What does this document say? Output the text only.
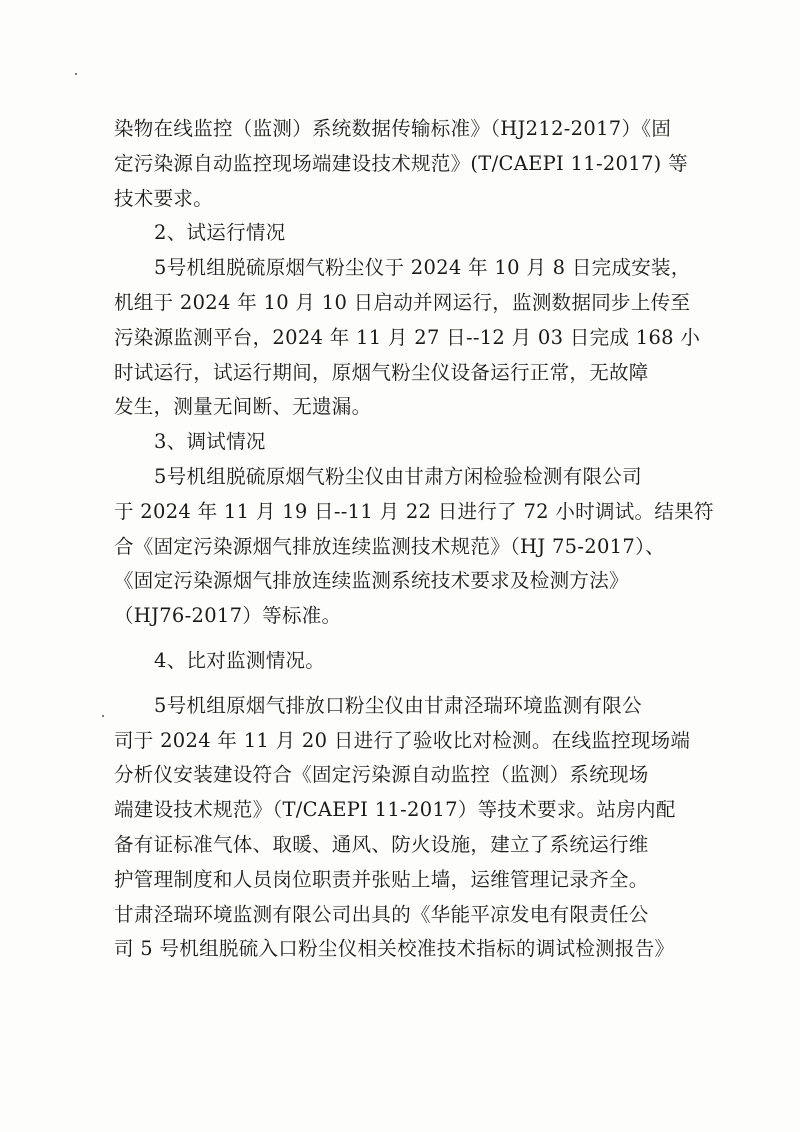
染物在线监控（监测）系统数据传输标准》（HJ212-2017）《固
定污染源自动监控现场端建设技术规范》(T/CAEPI 11-2017) 等
技术要求。
2、试运行情况
5号机组脱硫原烟气粉尘仪于 2024 年 10 月 8 日完成安装，
机组于 2024 年 10 月 10 日启动并网运行，监测数据同步上传至
污染源监测平台，2024 年 11 月 27 日--12 月 03 日完成 168 小
时试运行，试运行期间，原烟气粉尘仪设备运行正常，无故障
发生，测量无间断、无遗漏。
3、调试情况
5号机组脱硫原烟气粉尘仪由甘肃方闲检验检测有限公司
于 2024 年 11 月 19 日--11 月 22 日进行了 72 小时调试。结果符
合《固定污染源烟气排放连续监测技术规范》（HJ 75-2017）、
《固定污染源烟气排放连续监测系统技术要求及检测方法》
（HJ76-2017）等标准。
4、比对监测情况。
5号机组原烟气排放口粉尘仪由甘肃泾瑞环境监测有限公
司于 2024 年 11 月 20 日进行了验收比对检测。在线监控现场端
分析仪安装建设符合《固定污染源自动监控（监测）系统现场
端建设技术规范》（T/CAEPI 11-2017）等技术要求。站房内配
备有证标准气体、取暖、通风、防火设施，建立了系统运行维
护管理制度和人员岗位职责并张贴上墙，运维管理记录齐全。
甘肃泾瑞环境监测有限公司出具的《华能平凉发电有限责任公
司 5 号机组脱硫入口粉尘仪相关校准技术指标的调试检测报告》
